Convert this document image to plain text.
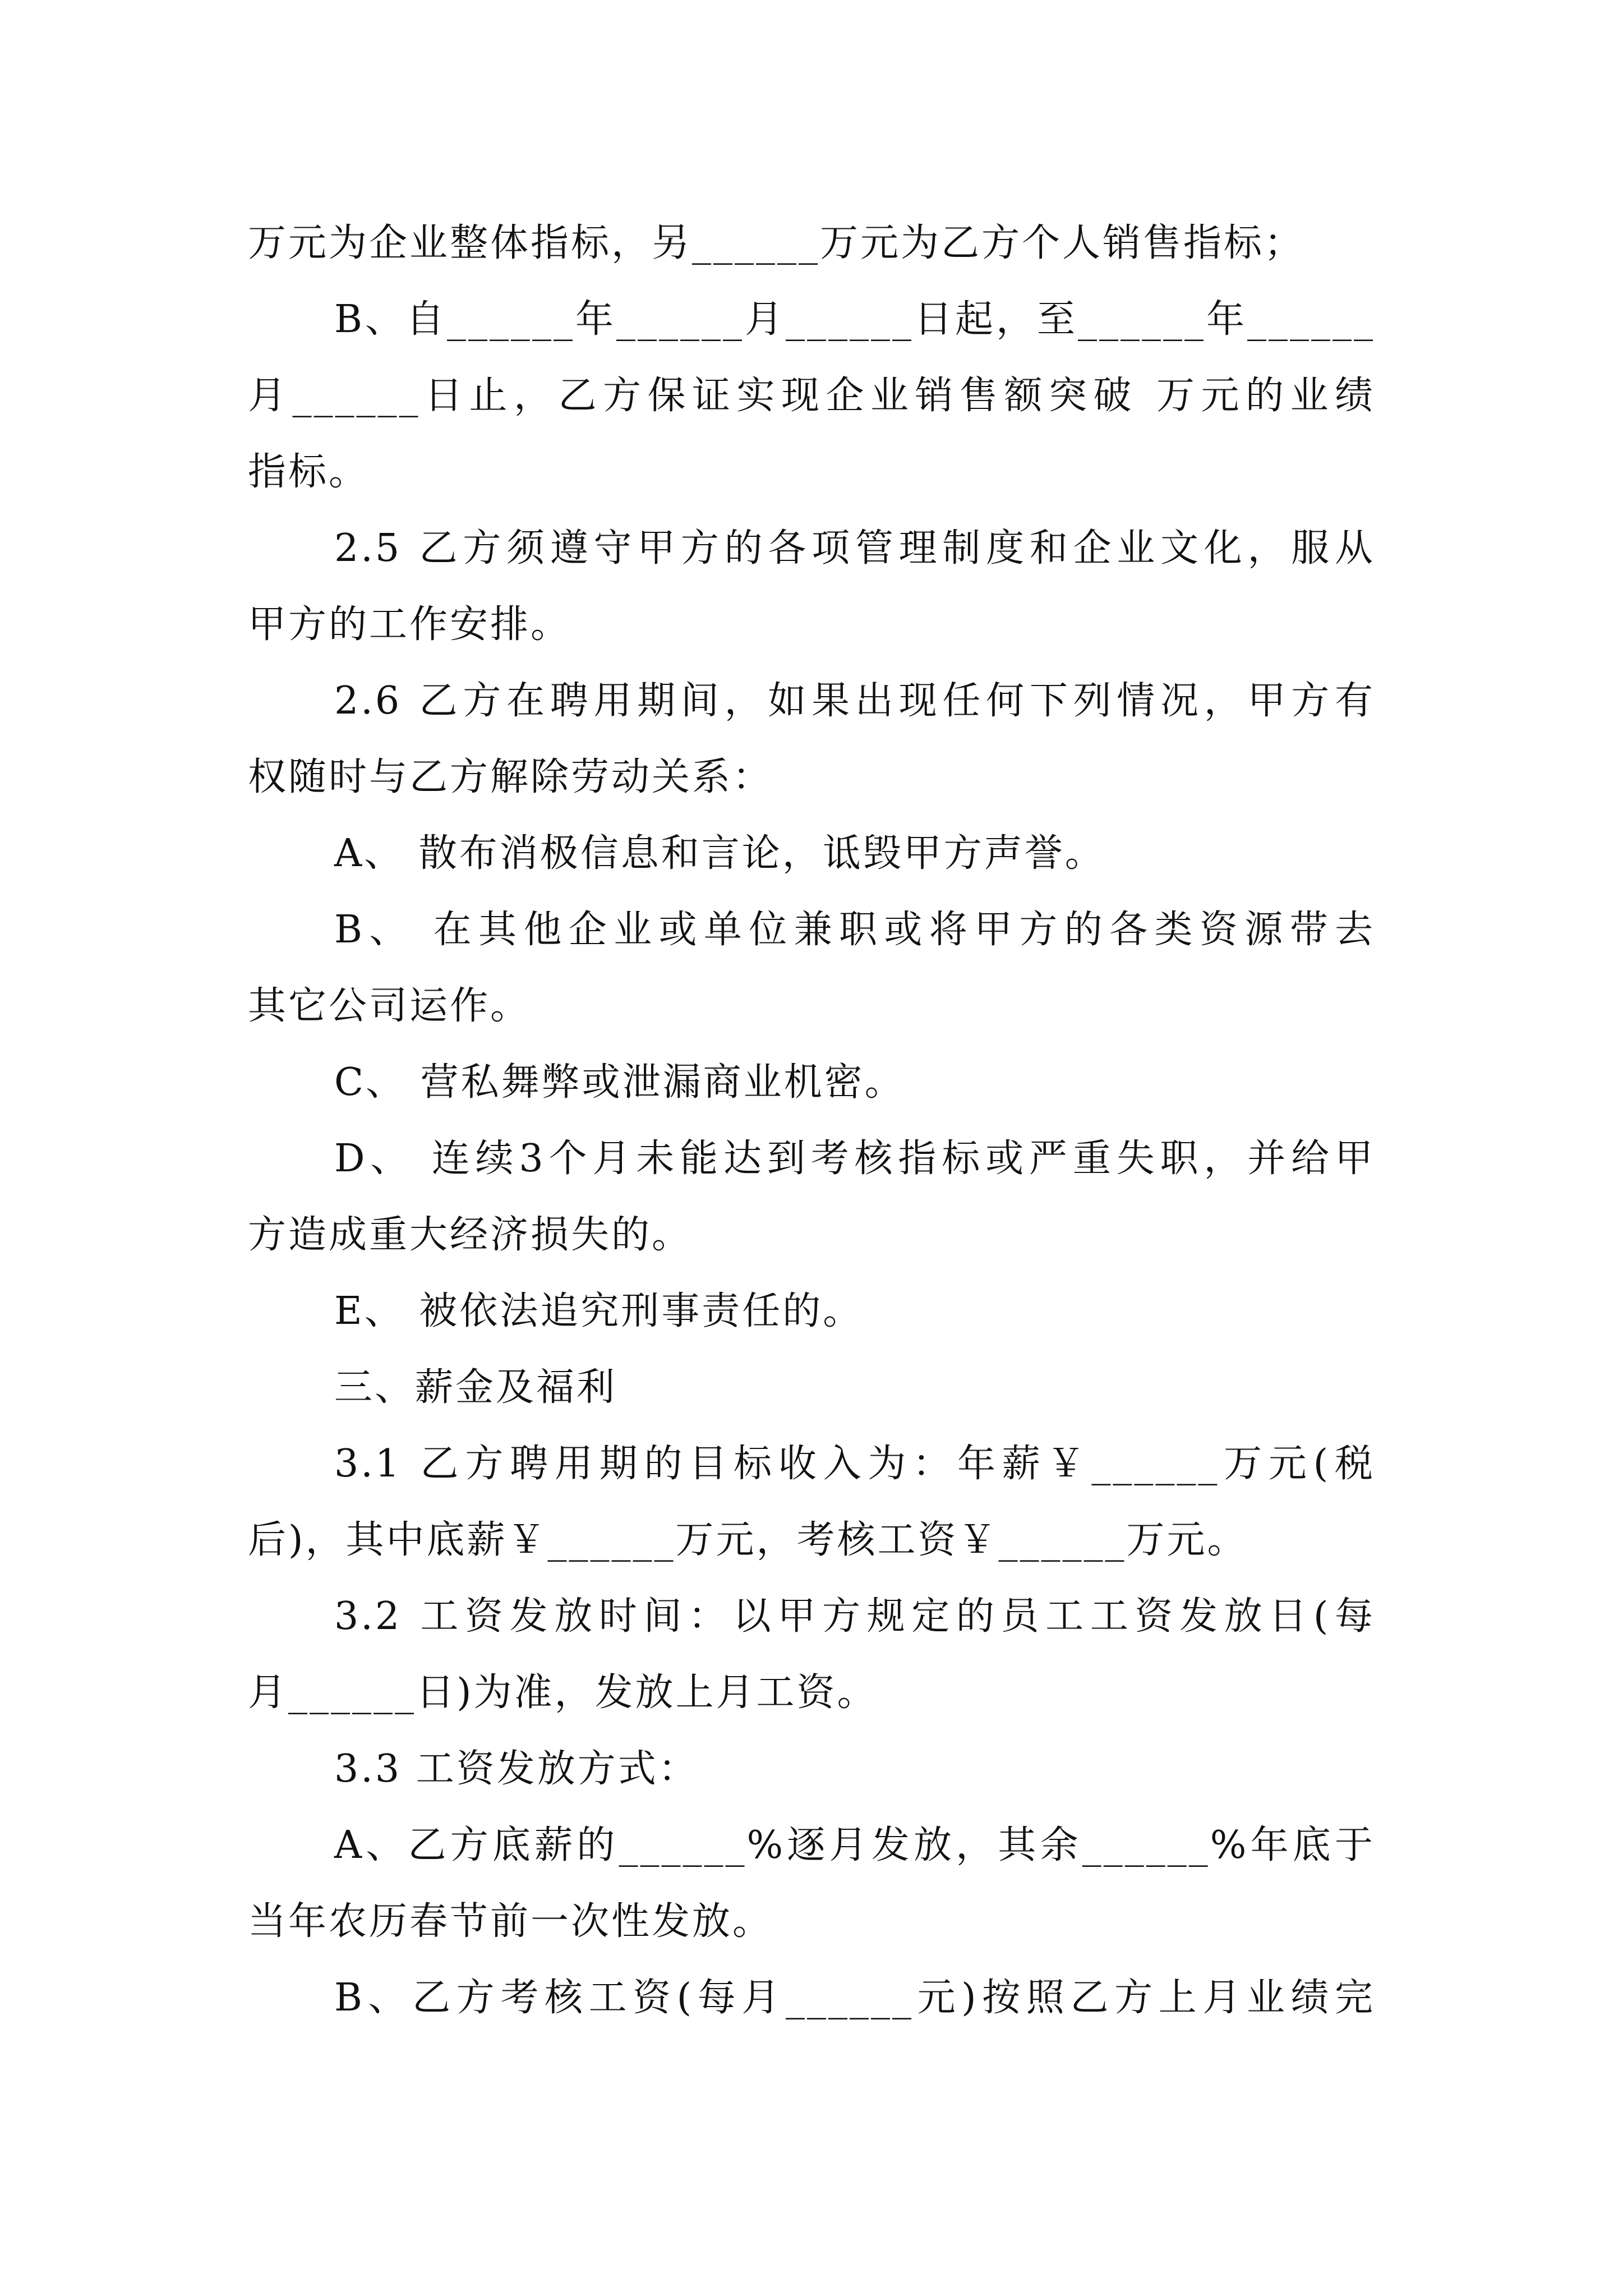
万元为企业整体指标，另______万元为乙方个人销售指标；
B、自______年______月______日起，至______年______
月______日止，乙方保证实现企业销售额突破 万元的业绩
指标。
2.5 乙方须遵守甲方的各项管理制度和企业文化，服从
甲方的工作安排。
2.6 乙方在聘用期间，如果出现任何下列情况，甲方有
权随时与乙方解除劳动关系：
A、 散布消极信息和言论，诋毁甲方声誉。
B、 在其他企业或单位兼职或将甲方的各类资源带去
其它公司运作。
C、 营私舞弊或泄漏商业机密。
D、 连续3个月未能达到考核指标或严重失职，并给甲
方造成重大经济损失的。
E、 被依法追究刑事责任的。
三、薪金及福利
3.1 乙方聘用期的目标收入为：年薪￥______万元(税
后)，其中底薪￥______万元，考核工资￥______万元。
3.2 工资发放时间：以甲方规定的员工工资发放日(每
月______日)为准，发放上月工资。
3.3 工资发放方式：
A、乙方底薪的______%逐月发放，其余______%年底于
当年农历春节前一次性发放。
B、乙方考核工资(每月______元)按照乙方上月业绩完
